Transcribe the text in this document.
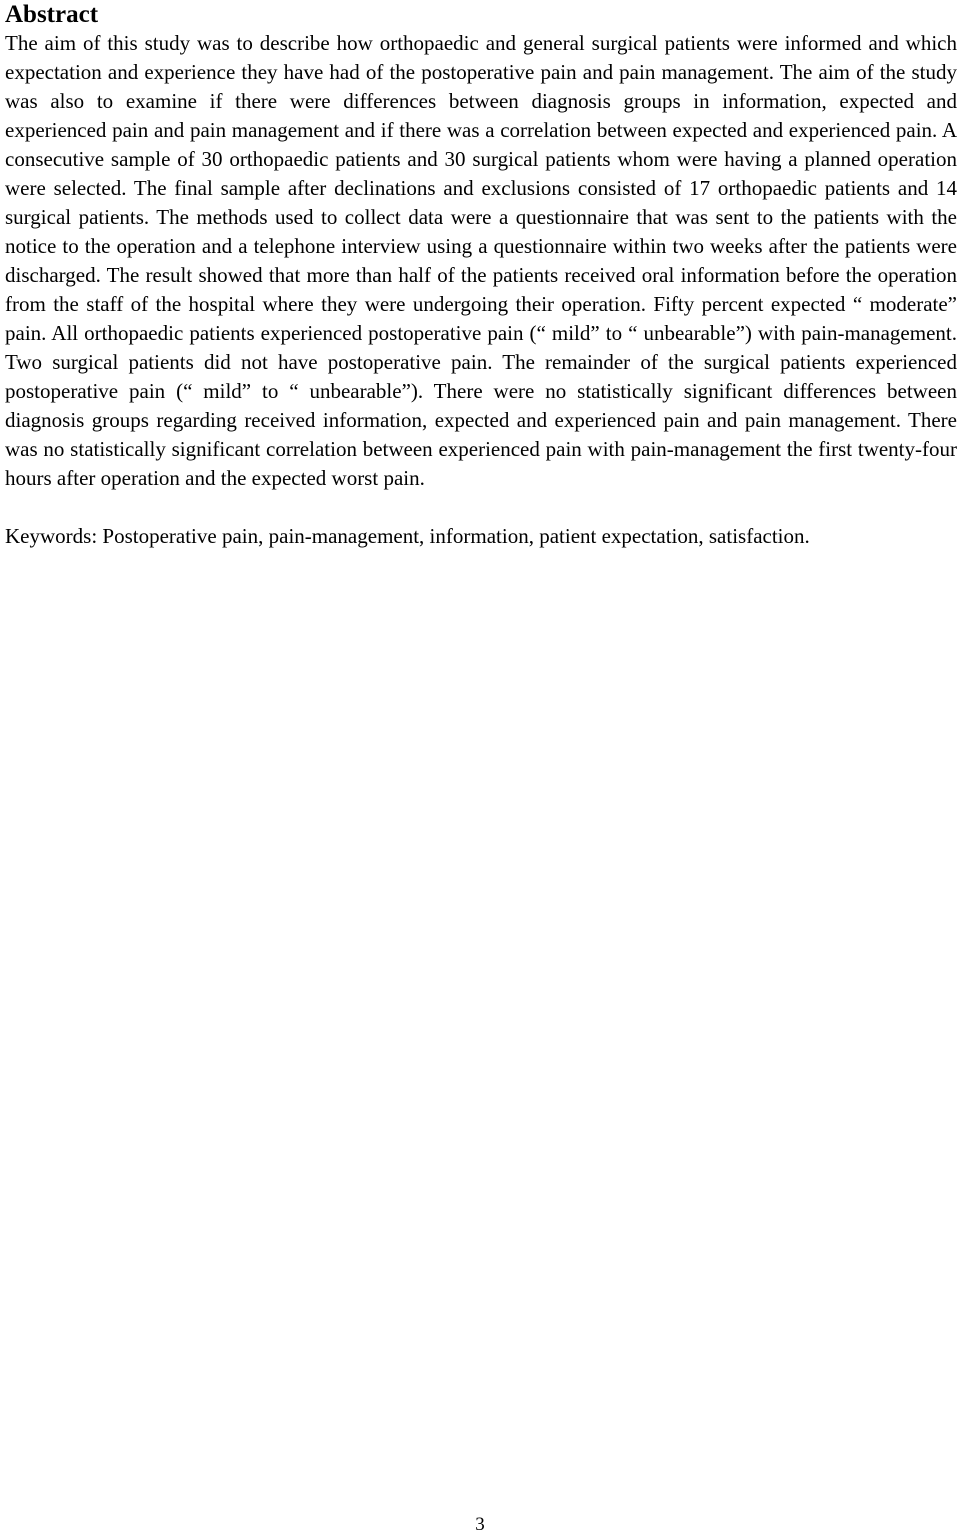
Abstract

The aim of this study was to describe how orthopaedic and general surgical patients were informed and which expectation and experience they have had of the postoperative pain and pain management. The aim of the study was also to examine if there were differences between diagnosis groups in information, expected and experienced pain and pain management and if there was a correlation between expected and experienced pain. A consecutive sample of 30 orthopaedic patients and 30 surgical patients whom were having a planned operation were selected. The final sample after declinations and exclusions consisted of 17 orthopaedic patients and 14 surgical patients. The methods used to collect data were a questionnaire that was sent to the patients with the notice to the operation and a telephone interview using a questionnaire within two weeks after the patients were discharged. The result showed that more than half of the patients received oral information before the operation from the staff of the hospital where they were undergoing their operation. Fifty percent expected “ moderate” pain. All orthopaedic patients experienced postoperative pain (“ mild” to “ unbearable”) with pain-management. Two surgical patients did not have postoperative pain. The remainder of the surgical patients experienced postoperative pain (“ mild” to “ unbearable”). There were no statistically significant differences between diagnosis groups regarding received information, expected and experienced pain and pain management. There was no statistically significant correlation between experienced pain with pain-management the first twenty-four hours after operation and the expected worst pain.

Keywords: Postoperative pain, pain-management, information, patient expectation, satisfaction.

3
